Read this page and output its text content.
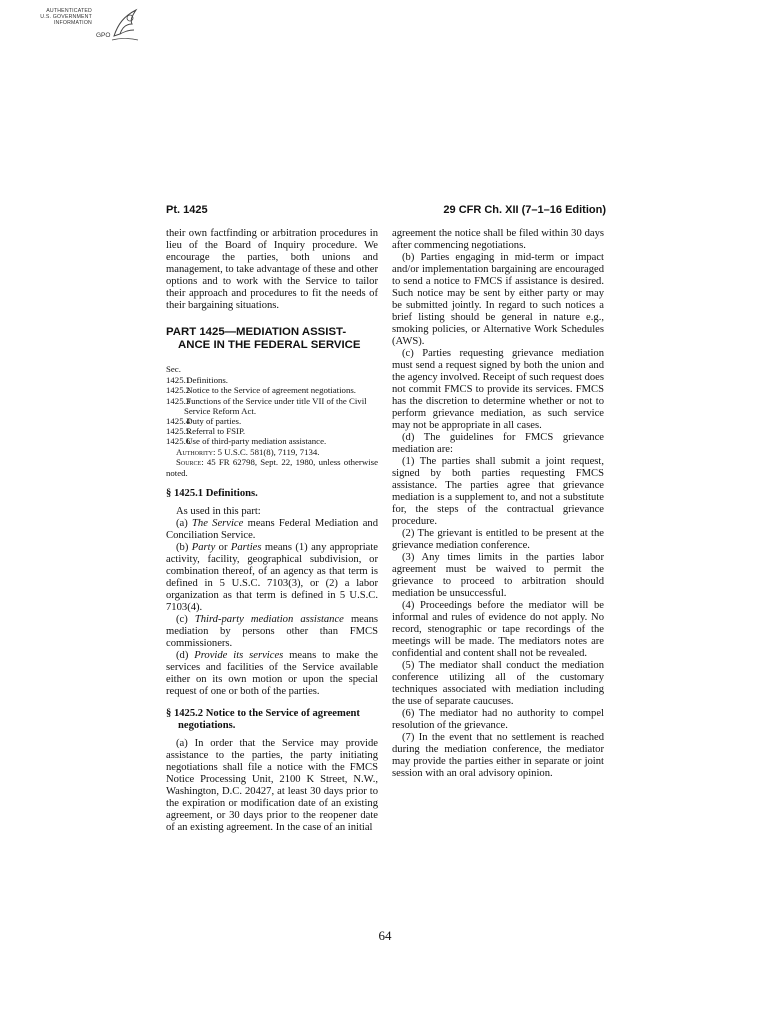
AUTHENTICATED
U.S. GOVERNMENT
INFORMATION
GPO
Pt. 1425	29 CFR Ch. XII (7–1–16 Edition)

their own factfinding or arbitration procedures in lieu of the Board of Inquiry procedure. We encourage the parties, both unions and management, to take advantage of these and other options and to work with the Service to tailor their approach and procedures to fit the needs of their bargaining situations.

PART 1425—MEDIATION ASSIST-
ANCE IN THE FEDERAL SERVICE
Sec.
1425.1 Definitions.
1425.2 Notice to the Service of agreement negotiations.
1425.3 Functions of the Service under title VII of the Civil Service Reform Act.
1425.4 Duty of parties.
1425.5 Referral to FSIP.
1425.6 Use of third-party mediation assistance.

Authority: 5 U.S.C. 581(8), 7119, 7134.

Source: 45 FR 62798, Sept. 22, 1980, unless otherwise noted.

§ 1425.1 Definitions.

As used in this part:

(a) The Service means Federal Mediation and Conciliation Service.

(b) Party or Parties means (1) any appropriate activity, facility, geographical subdivision, or combination thereof, of an agency as that term is defined in 5 U.S.C. 7103(3), or (2) a labor organization as that term is defined in 5 U.S.C. 7103(4).

(c) Third-party mediation assistance means mediation by persons other than FMCS commissioners.

(d) Provide its services means to make the services and facilities of the Service available either on its own motion or upon the special request of one or both of the parties.

§ 1425.2 Notice to the Service of agreement negotiations.

(a) In order that the Service may provide assistance to the parties, the party initiating negotiations shall file a notice with the FMCS Notice Processing Unit, 2100 K Street, N.W., Washington, D.C. 20427, at least 30 days prior to the expiration or modification date of an existing agreement, or 30 days prior to the reopener date of an existing agreement. In the case of an initial

agreement the notice shall be filed within 30 days after commencing negotiations.

(b) Parties engaging in mid-term or impact and/or implementation bargaining are encouraged to send a notice to FMCS if assistance is desired. Such notice may be sent by either party or may be submitted jointly. In regard to such notices a brief listing should be general in nature e.g., smoking policies, or Alternative Work Schedules (AWS).

(c) Parties requesting grievance mediation must send a request signed by both the union and the agency involved. Receipt of such request does not commit FMCS to provide its services. FMCS has the discretion to determine whether or not to perform grievance mediation, as such service may not be appropriate in all cases.

(d) The guidelines for FMCS grievance mediation are:

(1) The parties shall submit a joint request, signed by both parties requesting FMCS assistance. The parties agree that grievance mediation is a supplement to, and not a substitute for, the steps of the contractual grievance procedure.

(2) The grievant is entitled to be present at the grievance mediation conference.

(3) Any times limits in the parties labor agreement must be waived to permit the grievance to proceed to arbitration should mediation be unsuccessful.

(4) Proceedings before the mediator will be informal and rules of evidence do not apply. No record, stenographic or tape recordings of the meetings will be made. The mediators notes are confidential and content shall not be revealed.

(5) The mediator shall conduct the mediation conference utilizing all of the customary techniques associated with mediation including the use of separate caucuses.

(6) The mediator had no authority to compel resolution of the grievance.

(7) In the event that no settlement is reached during the mediation conference, the mediator may provide the parties either in separate or joint session with an oral advisory opinion.

64
